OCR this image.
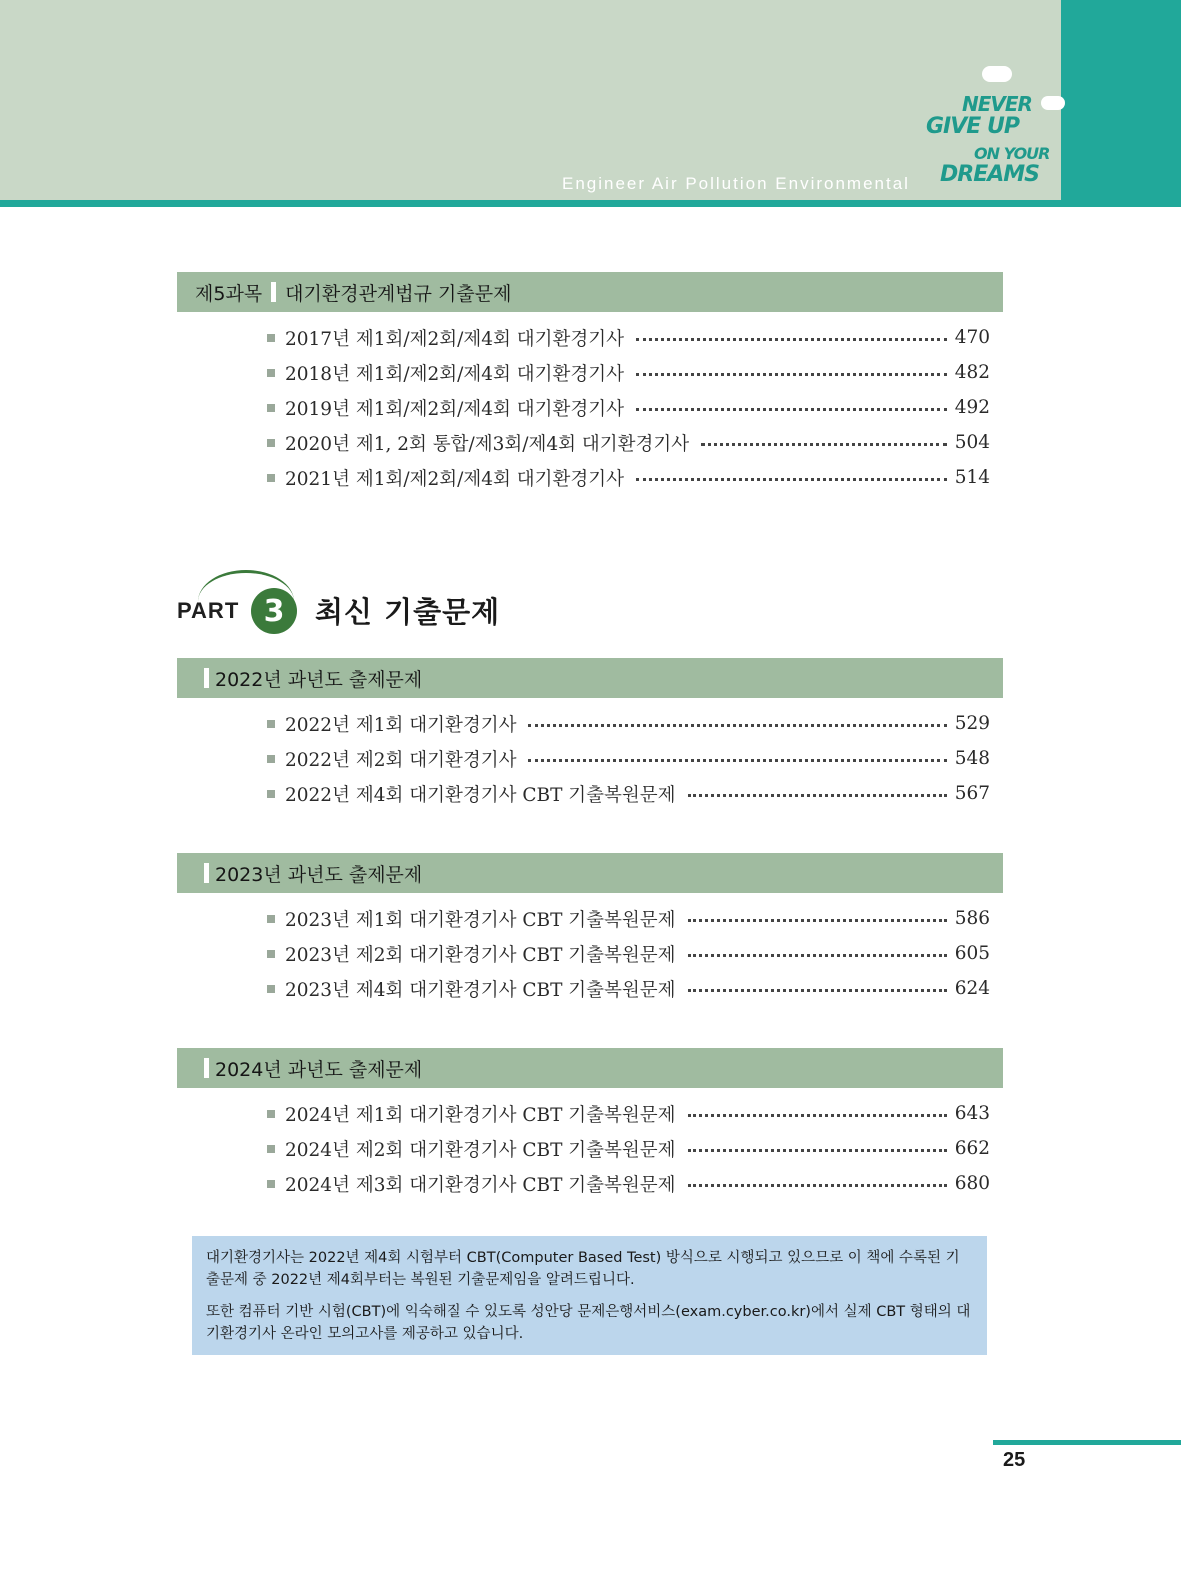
Engineer Air Pollution Environmental
NEVER
GIVE UP
ON YOUR
DREAMS
제5과목 대기환경관계법규 기출문제
2017년 제1회/제2회/제4회 대기환경기사	470
2018년 제1회/제2회/제4회 대기환경기사	482
2019년 제1회/제2회/제4회 대기환경기사	492
2020년 제1, 2회 통합/제3회/제4회 대기환경기사	504
2021년 제1회/제2회/제4회 대기환경기사	514
PART 3	최신 기출문제
2022년 과년도 출제문제
2022년 제1회 대기환경기사	529
2022년 제2회 대기환경기사	548
2022년 제4회 대기환경기사 CBT 기출복원문제	567
2023년 과년도 출제문제
2023년 제1회 대기환경기사 CBT 기출복원문제	586
2023년 제2회 대기환경기사 CBT 기출복원문제	605
2023년 제4회 대기환경기사 CBT 기출복원문제	624
2024년 과년도 출제문제
2024년 제1회 대기환경기사 CBT 기출복원문제	643
2024년 제2회 대기환경기사 CBT 기출복원문제	662
2024년 제3회 대기환경기사 CBT 기출복원문제	680

대기환경기사는 2022년 제4회 시험부터 CBT(Computer Based Test) 방식으로 시행되고 있으므로 이 책에 수록된 기출문제 중 2022년 제4회부터는 복원된 기출문제임을 알려드립니다.

또한 컴퓨터 기반 시험(CBT)에 익숙해질 수 있도록 성안당 문제은행서비스(exam.cyber.co.kr)에서 실제 CBT 형태의 대기환경기사 온라인 모의고사를 제공하고 있습니다.

25
